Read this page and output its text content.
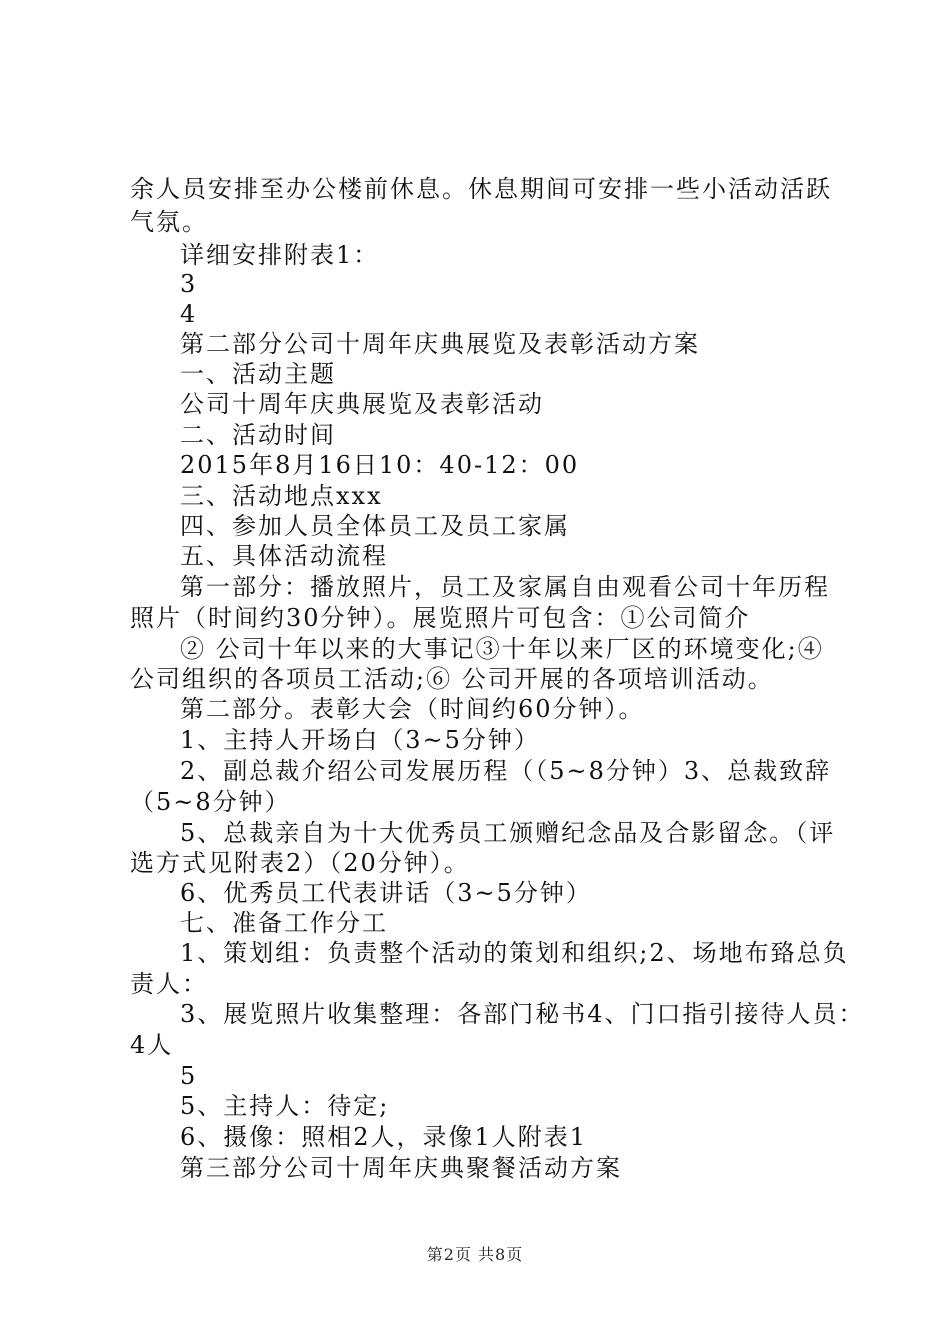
余人员安排至办公楼前休息。休息期间可安排一些小活动活跃
气氛。
详细安排附表1：
3
4
第二部分公司十周年庆典展览及表彰活动方案
一、活动主题
公司十周年庆典展览及表彰活动
二、活动时间
2015年8月16日10：40-12：00
三、活动地点xxx
四、参加人员全体员工及员工家属
五、具体活动流程
第一部分：播放照片，员工及家属自由观看公司十年历程
照片（时间约30分钟）。展览照片可包含：①公司简介
② 公司十年以来的大事记③十年以来厂区的环境变化;④
公司组织的各项员工活动;⑥ 公司开展的各项培训活动。
第二部分。表彰大会（时间约60分钟）。
1、主持人开场白（3~5分钟）
2、副总裁介绍公司发展历程（（5~8分钟）3、总裁致辞
（5~8分钟）
5、总裁亲自为十大优秀员工颁赠纪念品及合影留念。（评
选方式见附表2）（20分钟）。
6、优秀员工代表讲话（3~5分钟）
七、准备工作分工
1、策划组：负责整个活动的策划和组织;2、场地布臵总负
责人：
3、展览照片收集整理：各部门秘书4、门口指引接待人员：
4人
5
5、主持人：待定;
6、摄像：照相2人，录像1人附表1
第三部分公司十周年庆典聚餐活动方案
第2页 共8页
